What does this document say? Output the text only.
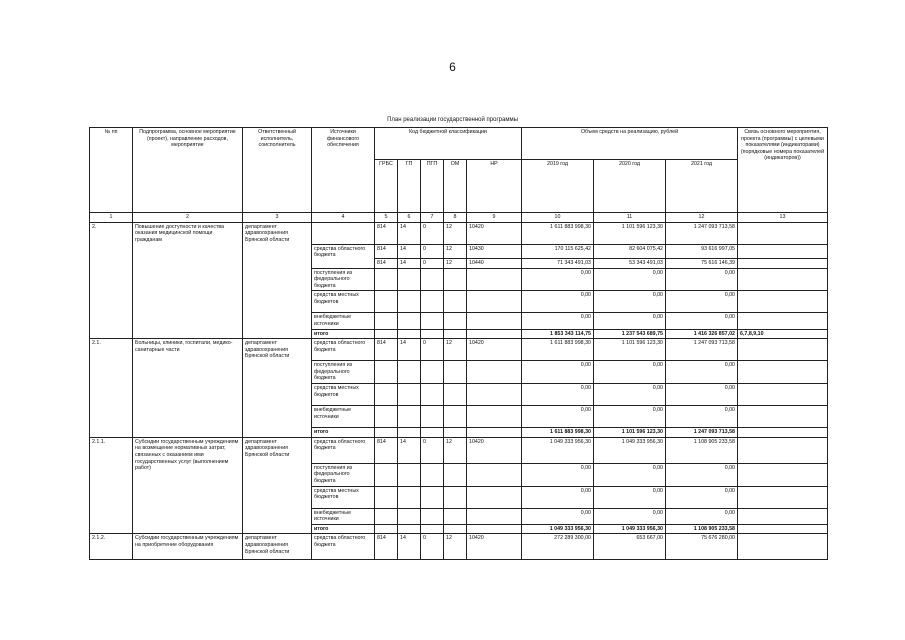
6
План реализации государственной программы
№ пп	Подпрограмма, основное мероприятие (проект), направление расходов, мероприятие	Ответственный исполнитель, соисполнитель	Источники финансового обеспечения	Код бюджетной классификации					Объем средств на реализацию, рублей			Связь основного мероприятия, проекта (программы) с целевыми показателями (индикаторами) (порядковые номера показателей (индикаторов))
				ГРБС	ГП	ПГП	ОМ	НР	2019 год	2020 год	2021 год	
1	2	3	4	5	6	7	8	9	10	11	12	13
2.	Повышение доступности и качества оказания медицинской помощи гражданам	департамент здравоохранения Брянской области		814	14	0	12	10420	1 611 883 998,30	1 101 596 123,30	1 247 093 713,58	
			средства областного бюджета	814	14	0	12	10430	170 115 625,42	82 604 075,42	93 616 997,05	
				814	14	0	12	10440	71 343 491,03	53 343 491,03	75 616 146,39	
			поступления из федерального бюджета						0,00	0,00	0,00	
			средства местных бюджетов						0,00	0,00	0,00	
			внебюджетные источники						0,00	0,00	0,00	
			итого						1 853 343 114,75	1 237 543 689,75	1 416 326 857,02	6,7,8,9,10
2.1.	Больницы, клиники, госпитали, медико-санитарные части	департамент здравоохранения Брянской области	средства областного бюджета	814	14	0	12	10420	1 611 883 998,30	1 101 596 123,30	1 247 093 713,58	
			поступления из федерального бюджета						0,00	0,00	0,00	
			средства местных бюджетов						0,00	0,00	0,00	
			внебюджетные источники						0,00	0,00	0,00	
			итого						1 611 883 998,30	1 101 596 123,30	1 247 093 713,58	
2.1.1.	Субсидии государственным учреждениям на возмещение нормативных затрат, связанных с оказанием ими государственных услуг (выполнением работ)	департамент здравоохранения Брянской области	средства областного бюджета	814	14	0	12	10420	1 049 333 956,30	1 049 333 956,30	1 108 905 233,58	
			поступления из федерального бюджета						0,00	0,00	0,00	
			средства местных бюджетов						0,00	0,00	0,00	
			внебюджетные источники						0,00	0,00	0,00	
			итого						1 049 333 956,30	1 049 333 956,30	1 108 905 233,58	
2.1.2.	Субсидии государственным учреждениям на приобретение оборудования	департамент здравоохранения Брянской области	средства областного бюджета	814	14	0	12	10420	272 289 300,00	653 667,00	75 676 280,00	
